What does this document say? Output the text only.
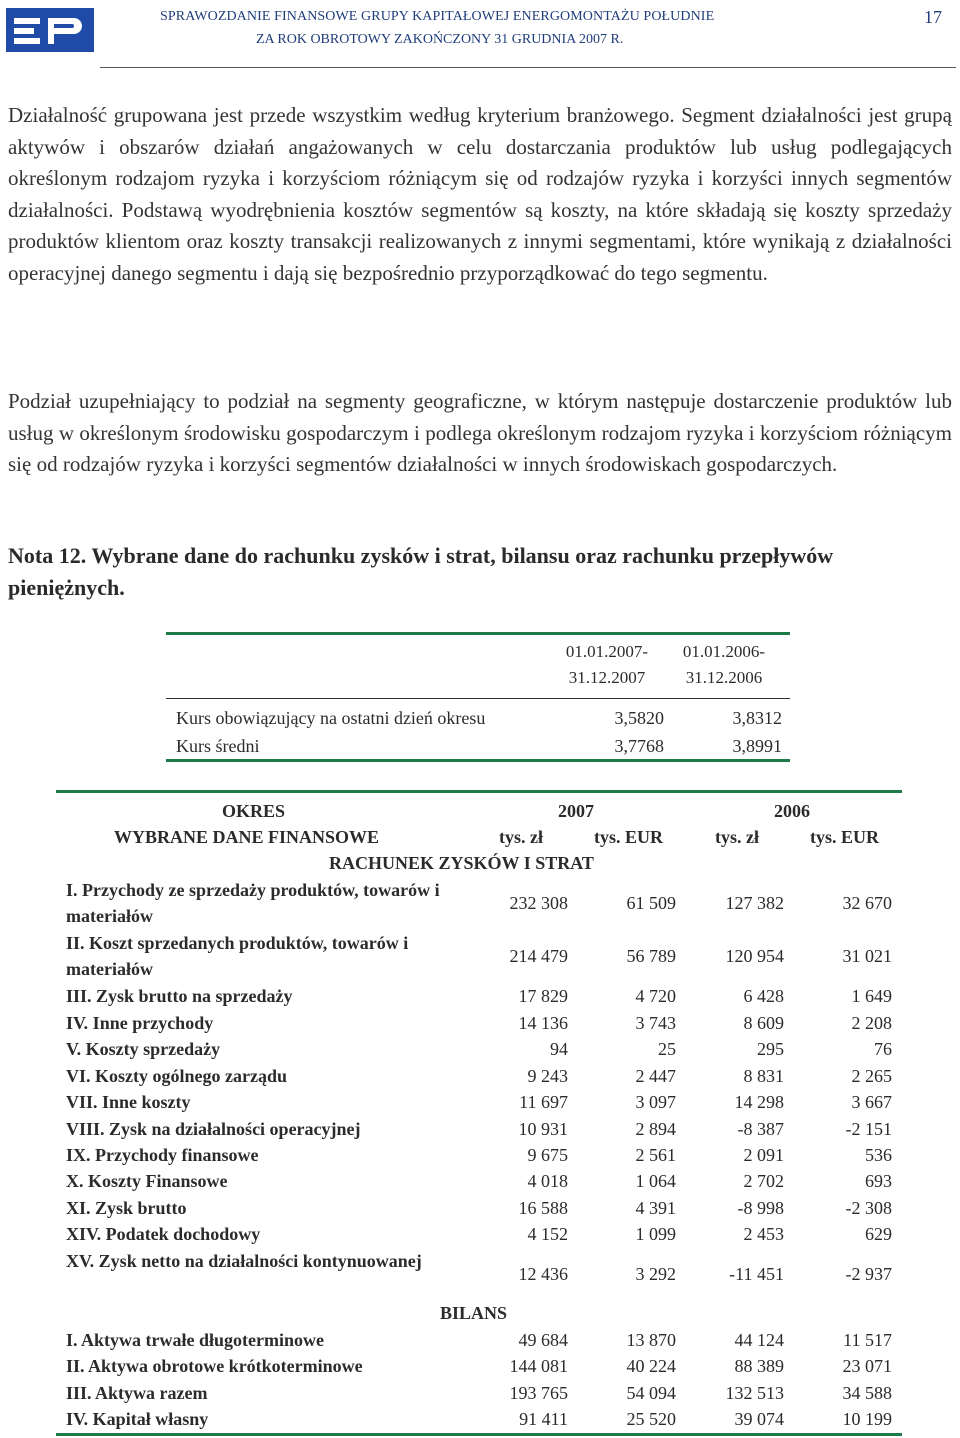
SPRAWOZDANIE FINANSOWE GRUPY KAPITAŁOWEJ ENERGOMONTAŻU POŁUDNIE
ZA ROK OBROTOWY ZAKOŃCZONY 31 GRUDNIA 2007 R.
17
Działalność grupowana jest przede wszystkim według kryterium branżowego. Segment działalności jest grupą aktywów i obszarów działań angażowanych w celu dostarczania produktów lub usług podlegających określonym rodzajom ryzyka i korzyściom różniącym się od rodzajów ryzyka i korzyści innych segmentów działalności. Podstawą wyodrębnienia kosztów segmentów są koszty, na które składają się koszty sprzedaży produktów klientom oraz koszty transakcji realizowanych z innymi segmentami, które wynikają z działalności operacyjnej danego segmentu i dają się bezpośrednio przyporządkować do tego segmentu.
Podział uzupełniający to podział na segmenty geograficzne, w którym następuje dostarczenie produktów lub usług w określonym środowisku gospodarczym i podlega określonym rodzajom ryzyka i korzyściom różniącym się od rodzajów ryzyka i korzyści segmentów działalności w innych środowiskach gospodarczych.
Nota 12. Wybrane dane do rachunku zysków i strat, bilansu oraz rachunku przepływów pieniężnych.
01.01.2007-
31.12.2007
01.01.2006-
31.12.2006
Kurs obowiązujący na ostatni dzień okresu	3,5820	3,8312
Kurs średni	3,7768	3,8991
OKRES	2007	2006
WYBRANE DANE FINANSOWE	tys. zł	tys. EUR	tys. zł	tys. EUR
RACHUNEK ZYSKÓW I STRAT
I. Przychody ze sprzedaży produktów, towarów i materiałów
232 308	61 509	127 382	32 670
II. Koszt sprzedanych produktów, towarów i materiałów
214 479	56 789	120 954	31 021
III. Zysk brutto na sprzedaży	17 829	4 720	6 428	1 649
IV. Inne przychody	14 136	3 743	8 609	2 208
V. Koszty sprzedaży	94	25	295	76
VI. Koszty ogólnego zarządu	9 243	2 447	8 831	2 265
VII. Inne koszty	11 697	3 097	14 298	3 667
VIII. Zysk na działalności operacyjnej	10 931	2 894	-8 387	-2 151
IX. Przychody finansowe	9 675	2 561	2 091	536
X. Koszty Finansowe	4 018	1 064	2 702	693
XI. Zysk brutto	16 588	4 391	-8 998	-2 308
XIV. Podatek dochodowy	4 152	1 099	2 453	629
XV. Zysk netto na działalności kontynuowanej
12 436	3 292	-11 451	-2 937
BILANS
I. Aktywa trwałe długoterminowe	49 684	13 870	44 124	11 517
II. Aktywa obrotowe krótkoterminowe	144 081	40 224	88 389	23 071
III. Aktywa razem	193 765	54 094	132 513	34 588
IV. Kapitał własny	91 411	25 520	39 074	10 199
